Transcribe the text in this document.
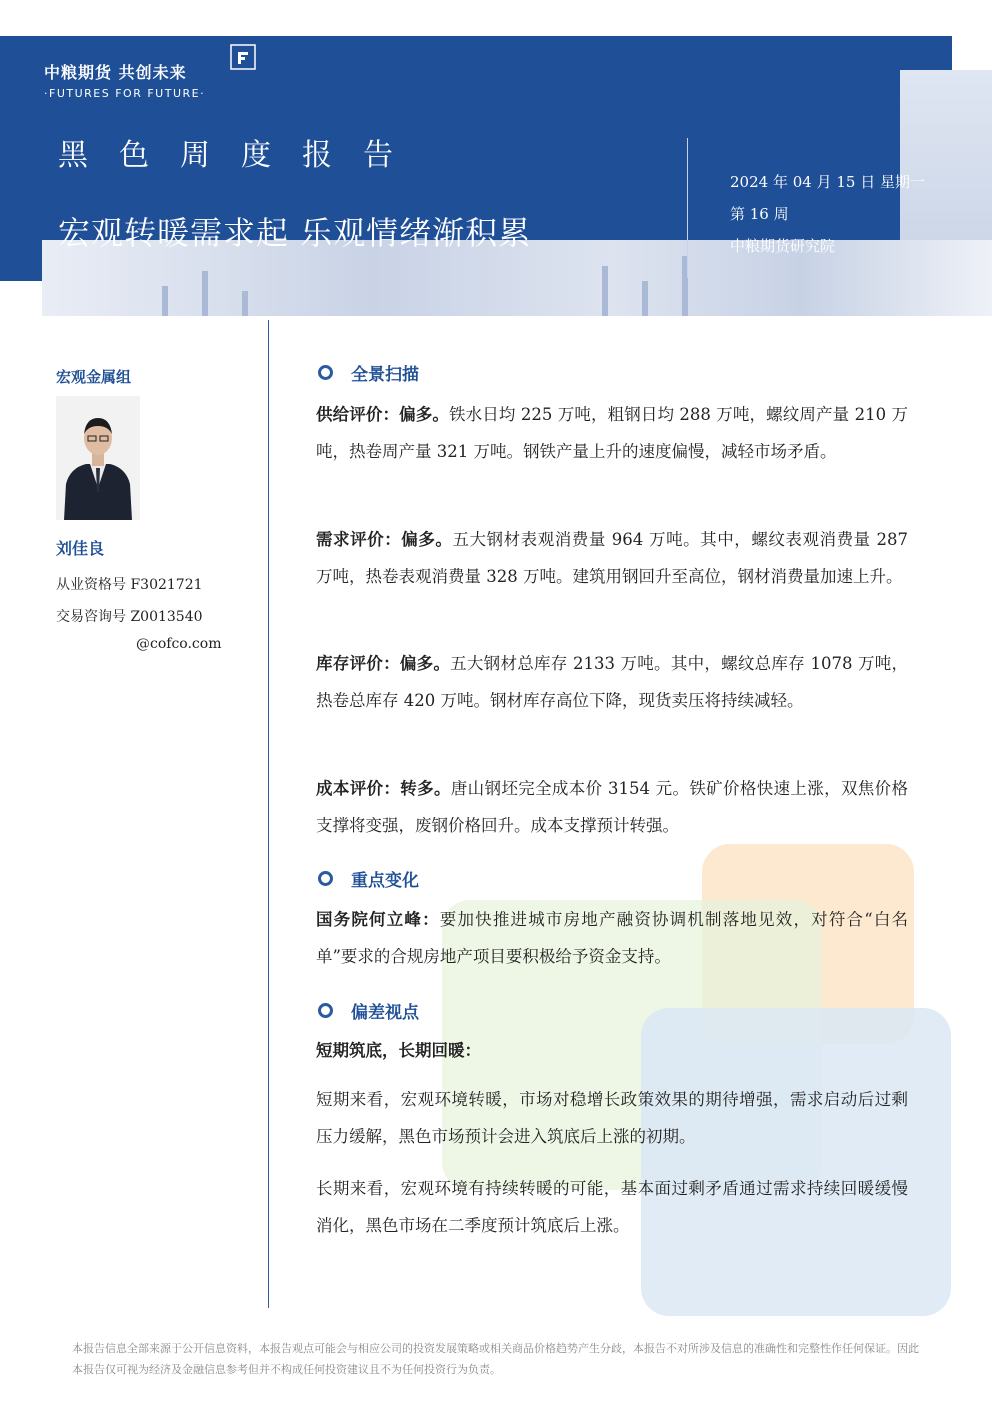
中粮期货 共创未来
·FUTURES FOR FUTURE·
黑色周度报告
宏观转暖需求起 乐观情绪渐积累
2024 年 04 月 15 日 星期一
第 16 周
中粮期货研究院
宏观金属组
刘佳良
从业资格号 F3021721
交易咨询号 Z0013540
@cofco.com
全景扫描
供给评价：偏多。铁水日均 225 万吨，粗钢日均 288 万吨，螺纹周产量 210 万吨，热卷周产量 321 万吨。钢铁产量上升的速度偏慢，减轻市场矛盾。
需求评价：偏多。五大钢材表观消费量 964 万吨。其中，螺纹表观消费量 287 万吨，热卷表观消费量 328 万吨。建筑用钢回升至高位，钢材消费量加速上升。
库存评价：偏多。五大钢材总库存 2133 万吨。其中，螺纹总库存 1078 万吨，热卷总库存 420 万吨。钢材库存高位下降，现货卖压将持续减轻。
成本评价：转多。唐山钢坯完全成本价 3154 元。铁矿价格快速上涨，双焦价格支撑将变强，废钢价格回升。成本支撑预计转强。
重点变化
国务院何立峰：要加快推进城市房地产融资协调机制落地见效，对符合“白名单”要求的合规房地产项目要积极给予资金支持。
偏差视点
短期筑底，长期回暖：
短期来看，宏观环境转暖，市场对稳增长政策效果的期待增强，需求启动后过剩压力缓解，黑色市场预计会进入筑底后上涨的初期。
长期来看，宏观环境有持续转暖的可能，基本面过剩矛盾通过需求持续回暖缓慢消化，黑色市场在二季度预计筑底后上涨。
本报告信息全部来源于公开信息资料，本报告观点可能会与相应公司的投资发展策略或相关商品价格趋势产生分歧，本报告不对所涉及信息的准确性和完整性作任何保证。因此本报告仅可视为经济及金融信息参考但并不构成任何投资建议且不为任何投资行为负责。
